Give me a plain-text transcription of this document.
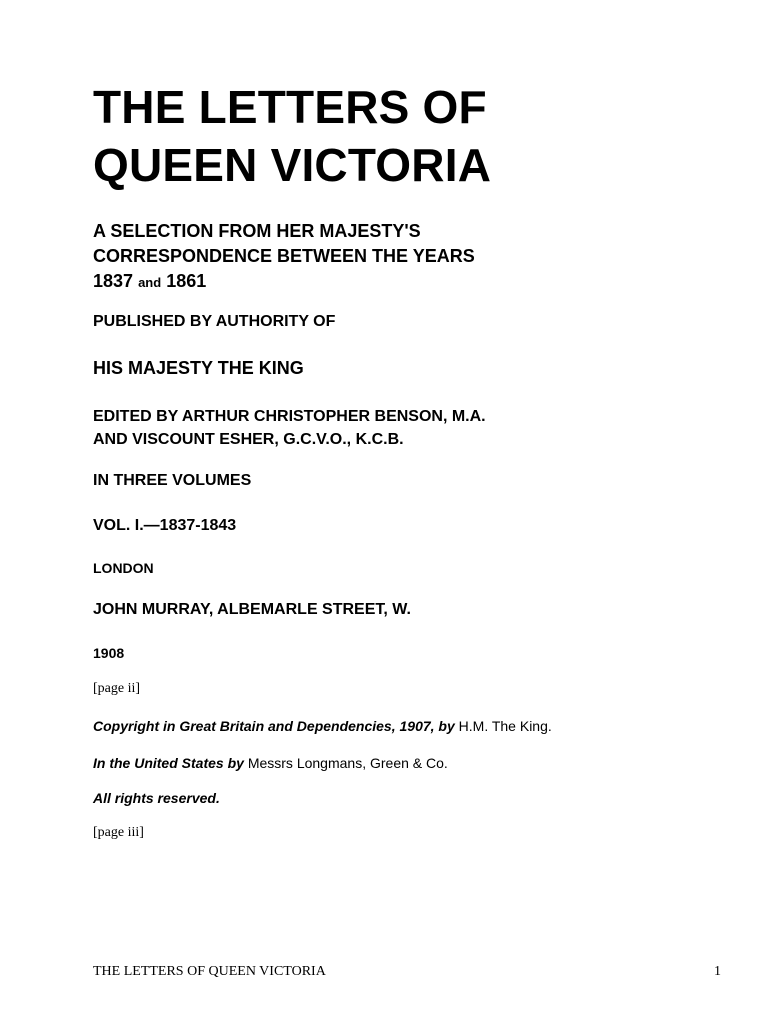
THE LETTERS OF
QUEEN VICTORIA
A SELECTION FROM HER MAJESTY'S
CORRESPONDENCE BETWEEN THE YEARS
1837 and 1861
PUBLISHED BY AUTHORITY OF
HIS MAJESTY THE KING
EDITED BY ARTHUR CHRISTOPHER BENSON, M.A.
AND VISCOUNT ESHER, G.C.V.O., K.C.B.
IN THREE VOLUMES
VOL. I.—1837-1843
LONDON
JOHN MURRAY, ALBEMARLE STREET, W.
1908
[page ii]
Copyright in Great Britain and Dependencies, 1907, by H.M. The King.
In the United States by Messrs Longmans, Green & Co.
All rights reserved.
[page iii]
THE LETTERS OF QUEEN VICTORIA	1
